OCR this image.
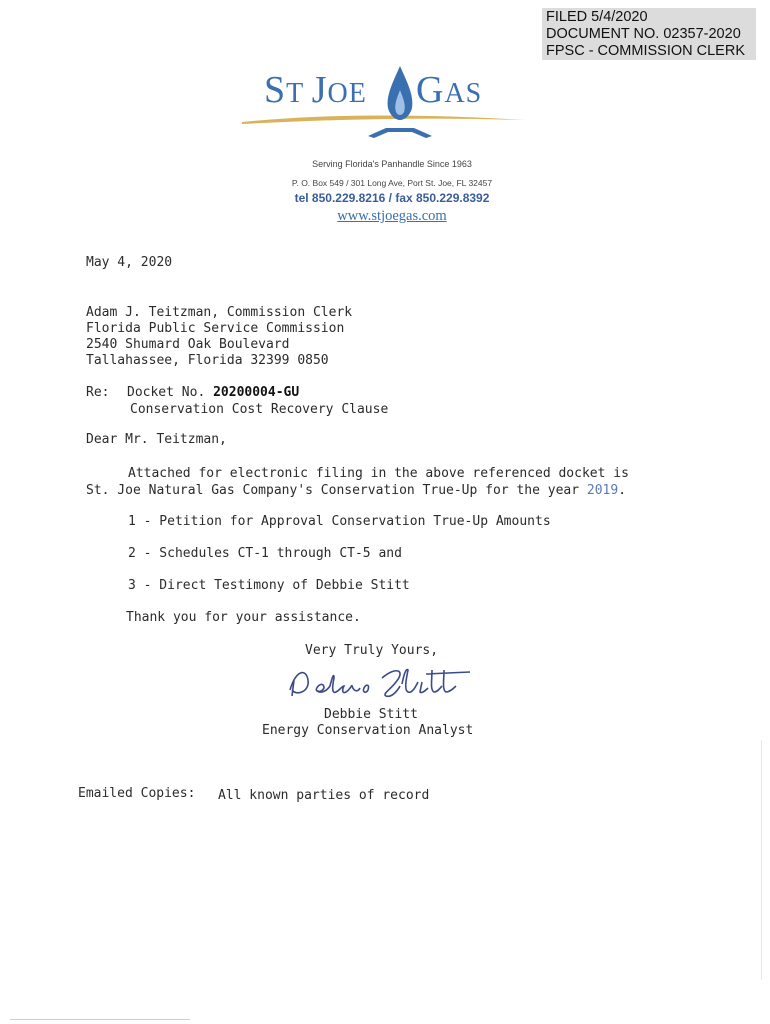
FILED 5/4/2020
DOCUMENT NO. 02357-2020
FPSC - COMMISSION CLERK
ST JOE GAS
Serving Florida's Panhandle Since 1963
P. O. Box 549 / 301 Long Ave, Port St. Joe, FL 32457
tel 850.229.8216 / fax 850.229.8392
www.stjoegas.com
May 4, 2020
Adam J. Teitzman, Commission Clerk
Florida Public Service Commission
2540 Shumard Oak Boulevard
Tallahassee, Florida 32399 0850
Re: Docket No. 20200004-GU
Conservation Cost Recovery Clause
Dear Mr. Teitzman,
Attached for electronic filing in the above referenced docket is
St. Joe Natural Gas Company's Conservation True-Up for the year 2019.
1 - Petition for Approval Conservation True-Up Amounts
2 - Schedules CT-1 through CT-5 and
3 - Direct Testimony of Debbie Stitt
Thank you for your assistance.
Very Truly Yours,
Debbie Stitt
Energy Conservation Analyst
Emailed Copies: All known parties of record
